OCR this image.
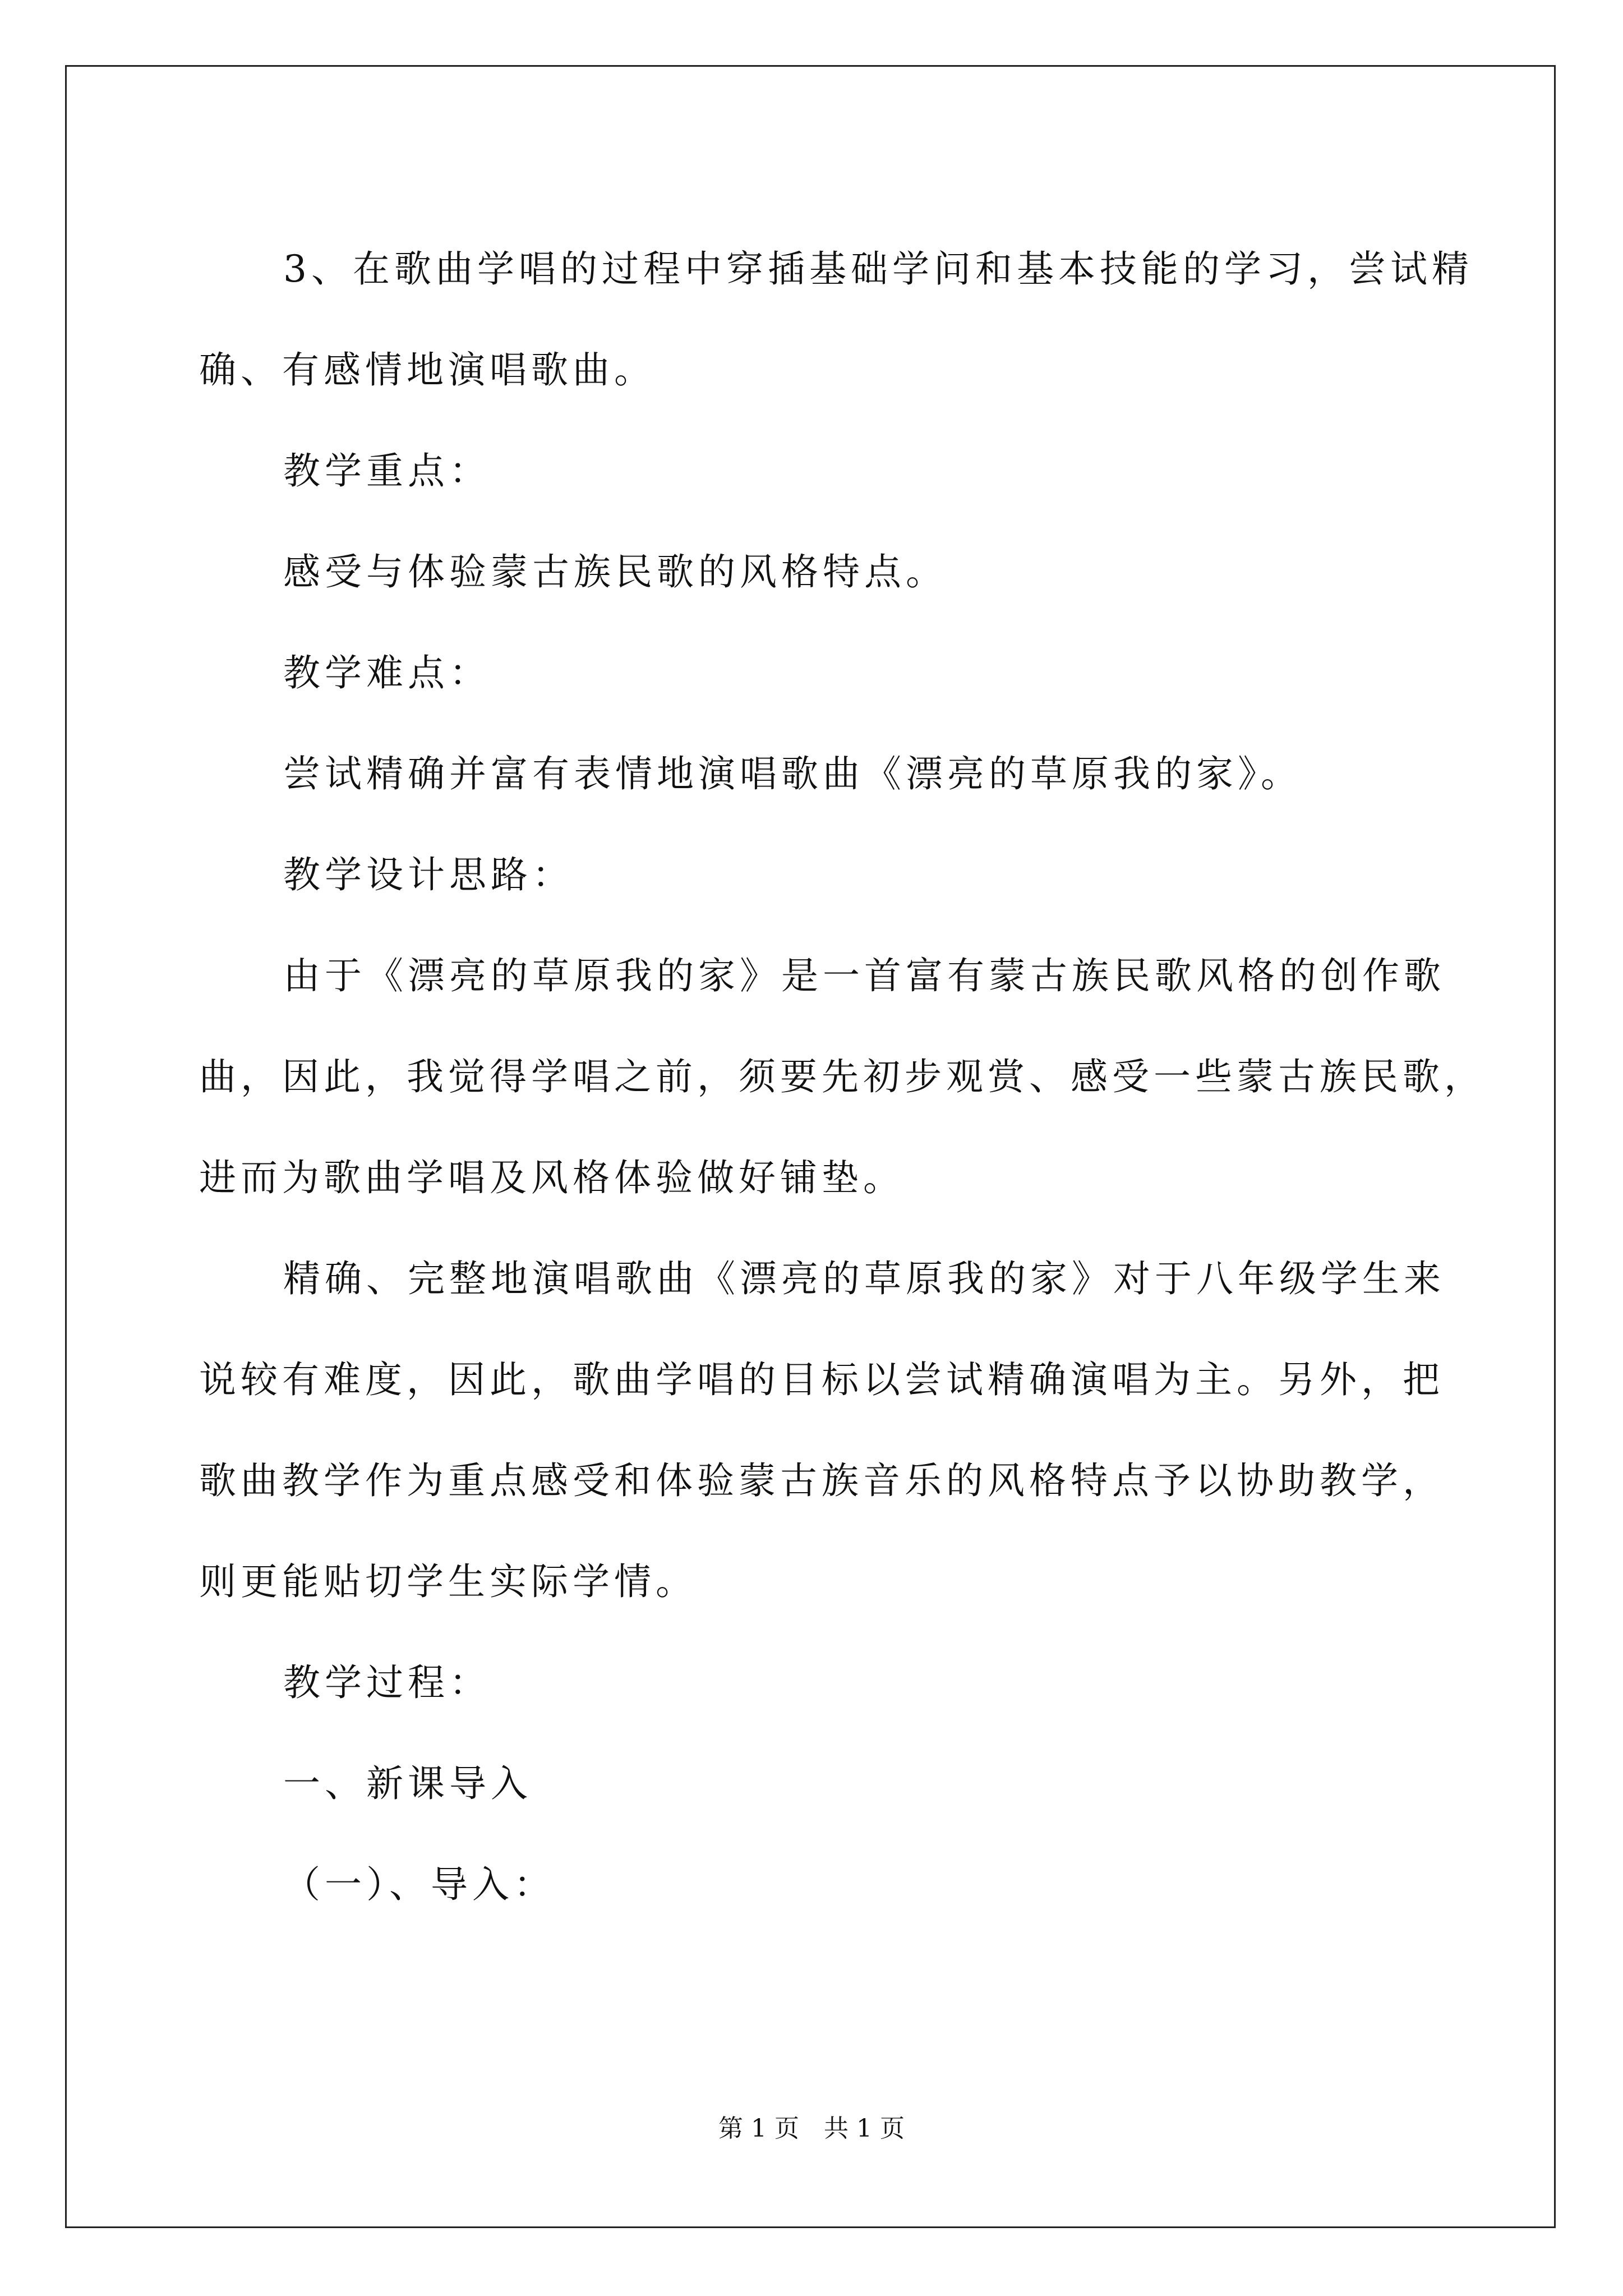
3、在歌曲学唱的过程中穿插基础学问和基本技能的学习，尝试精

确、有感情地演唱歌曲。

教学重点：

感受与体验蒙古族民歌的风格特点。

教学难点：

尝试精确并富有表情地演唱歌曲《漂亮的草原我的家》。

教学设计思路：

由于《漂亮的草原我的家》是一首富有蒙古族民歌风格的创作歌

曲，因此，我觉得学唱之前，须要先初步观赏、感受一些蒙古族民歌，

进而为歌曲学唱及风格体验做好铺垫。

精确、完整地演唱歌曲《漂亮的草原我的家》对于八年级学生来

说较有难度，因此，歌曲学唱的目标以尝试精确演唱为主。另外，把

歌曲教学作为重点感受和体验蒙古族音乐的风格特点予以协助教学，

则更能贴切学生实际学情。

教学过程：

一、新课导入

（一）、导入：

第 1 页　共 1 页
